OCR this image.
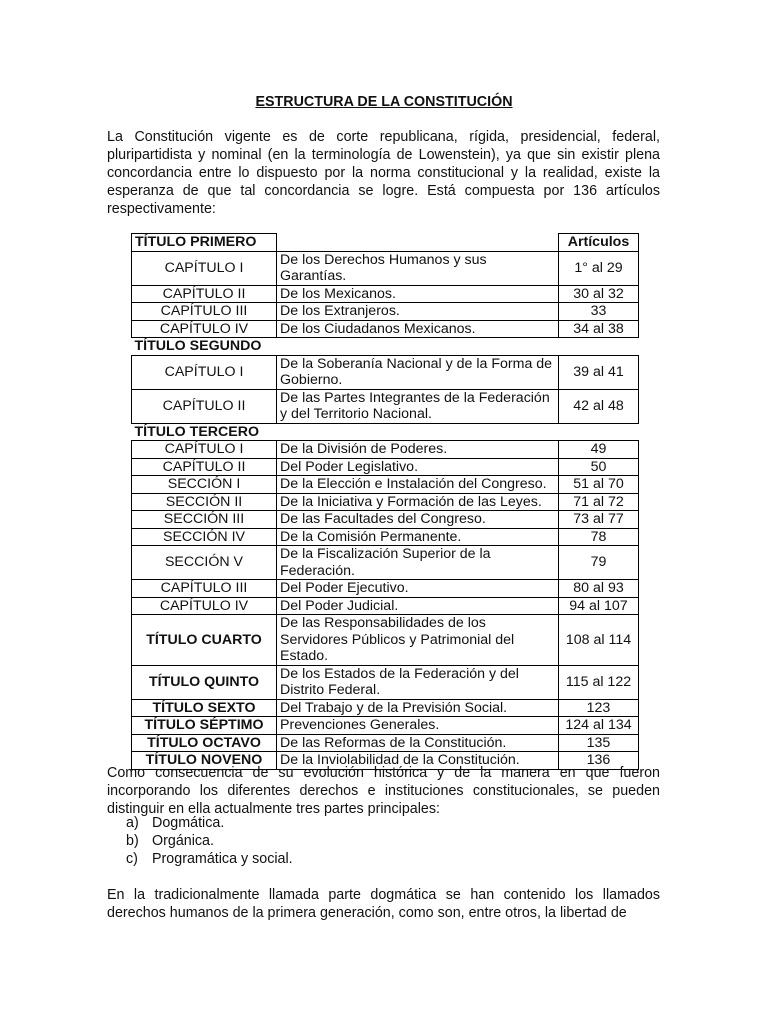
ESTRUCTURA DE LA CONSTITUCIÓN

La Constitución vigente es de corte republicana, rígida, presidencial, federal, pluripartidista y nominal (en la terminología de Lowenstein), ya que sin existir plena concordancia entre lo dispuesto por la norma constitucional y la realidad, existe la esperanza de que tal concordancia se logre. Está compuesta por 136 artículos respectivamente:

TÍTULO PRIMERO		Artículos
CAPÍTULO I	De los Derechos Humanos y sus Garantías.	1° al 29
CAPÍTULO II	De los Mexicanos.	30 al 32
CAPÍTULO III	De los Extranjeros.	33
CAPÍTULO IV	De los Ciudadanos Mexicanos.	34 al 38
TÍTULO SEGUNDO		
CAPÍTULO I	De la Soberanía Nacional y de la Forma de Gobierno.	39 al 41
CAPÍTULO II	De las Partes Integrantes de la Federación y del Territorio Nacional.	42 al 48
TÍTULO TERCERO		
CAPÍTULO I	De la División de Poderes.	49
CAPÍTULO II	Del Poder Legislativo.	50
SECCIÓN I	De la Elección e Instalación del Congreso.	51 al 70
SECCIÓN II	De la Iniciativa y Formación de las Leyes.	71 al 72
SECCIÓN III	De las Facultades del Congreso.	73 al 77
SECCIÓN IV	De la Comisión Permanente.	78
SECCIÓN V	De la Fiscalización Superior de la Federación.	79
CAPÍTULO III	Del Poder Ejecutivo.	80 al 93
CAPÍTULO IV	Del Poder Judicial.	94 al 107
TÍTULO CUARTO	De las Responsabilidades de los Servidores Públicos y Patrimonial del Estado.	108 al 114
TÍTULO QUINTO	De los Estados de la Federación y del Distrito Federal.	115 al 122
TÍTULO SEXTO	Del Trabajo y de la Previsión Social.	123
TÍTULO SÉPTIMO	Prevenciones Generales.	124 al 134
TÍTULO OCTAVO	De las Reformas de la Constitución.	135
TÍTULO NOVENO	De la Inviolabilidad de la Constitución.	136

Como consecuencia de su evolución histórica y de la manera en que fueron incorporando los diferentes derechos e instituciones constitucionales, se pueden distinguir en ella actualmente tres partes principales:

a) Dogmática.
b) Orgánica.
c) Programática y social.

En la tradicionalmente llamada parte dogmática se han contenido los llamados derechos humanos de la primera generación, como son, entre otros, la libertad de
